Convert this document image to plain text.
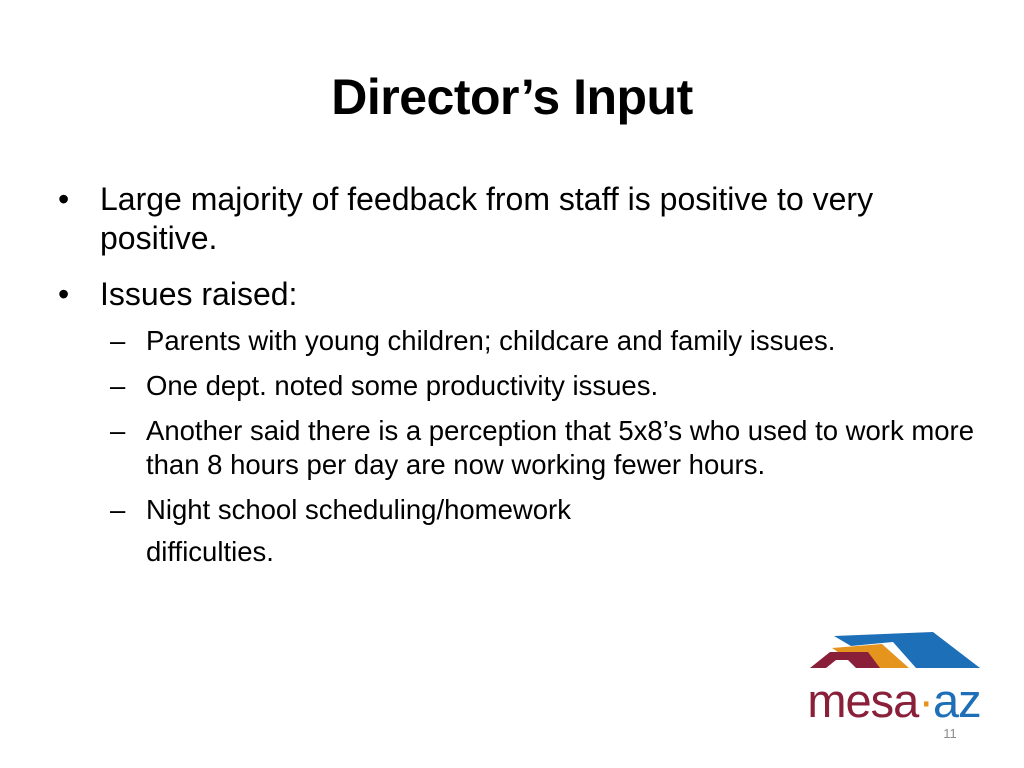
Director’s Input
• Large majority of feedback from staff is positive to very positive.
• Issues raised:
– Parents with young children; childcare and family issues.
– One dept. noted some productivity issues.
– Another said there is a perception that 5x8’s who used to work more than 8 hours per day are now working fewer hours.
– Night school scheduling/homework
difficulties.
mesa·az
11
